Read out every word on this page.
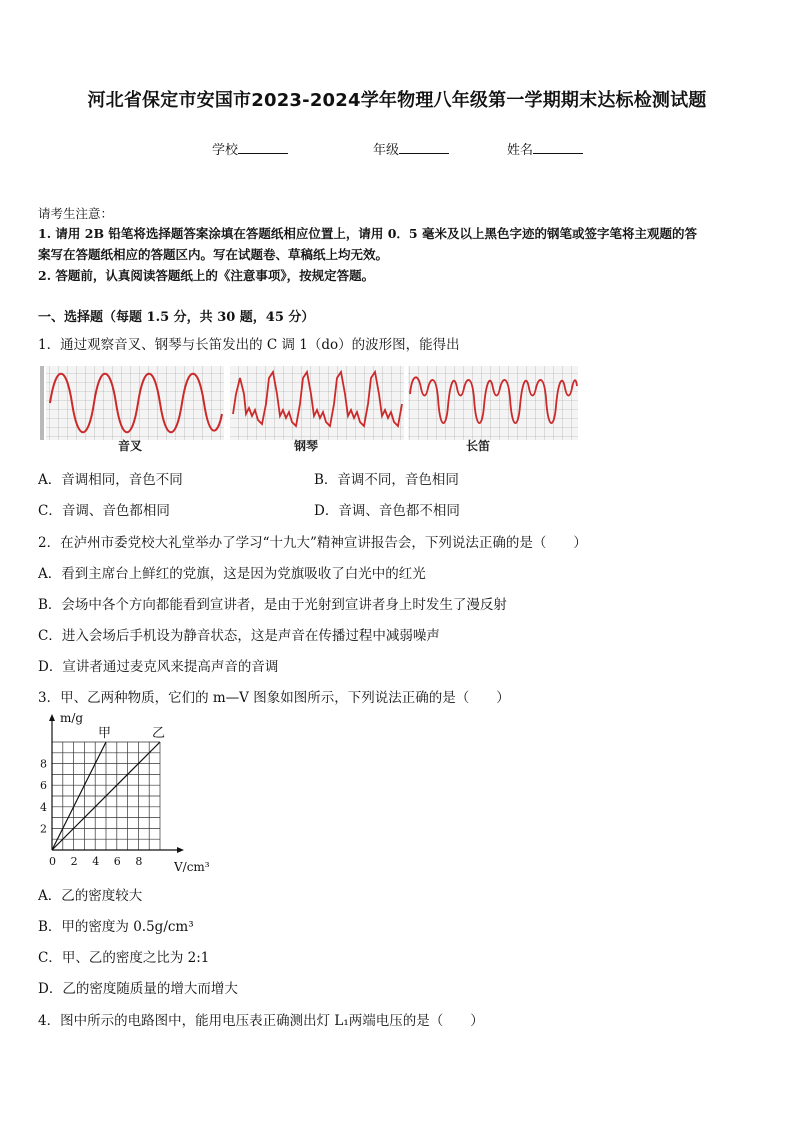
河北省保定市安国市2023-2024学年物理八年级第一学期期末达标检测试题
学校	年级	姓名
请考生注意：
1. 请用 2B 铅笔将选择题答案涂填在答题纸相应位置上，请用 0．5 毫米及以上黑色字迹的钢笔或签字笔将主观题的答
案写在答题纸相应的答题区内。写在试题卷、草稿纸上均无效。
2. 答题前，认真阅读答题纸上的《注意事项》，按规定答题。
一、选择题（每题 1.5 分，共 30 题，45 分）
1．通过观察音叉、钢琴与长笛发出的 C 调 1（do）的波形图，能得出
音叉	钢琴	长笛
A．音调相同，音色不同	B．音调不同，音色相同
C．音调、音色都相同	D．音调、音色都不相同
2．在泸州市委党校大礼堂举办了学习“十九大”精神宣讲报告会，下列说法正确的是（　　）
A．看到主席台上鲜红的党旗，这是因为党旗吸收了白光中的红光
B．会场中各个方向都能看到宣讲者，是由于光射到宣讲者身上时发生了漫反射
C．进入会场后手机设为静音状态，这是声音在传播过程中减弱噪声
D．宣讲者通过麦克风来提高声音的音调
3．甲、乙两种物质，它们的 m—V 图象如图所示，下列说法正确的是（　　）
甲	乙
0 2 4 6 8
2
4
6
8
V/cm³
m/g
A．乙的密度较大
B．甲的密度为 0.5g/cm³
C．甲、乙的密度之比为 2:1
D．乙的密度随质量的增大而增大
4．图中所示的电路图中，能用电压表正确测出灯 L₁两端电压的是（　　）
